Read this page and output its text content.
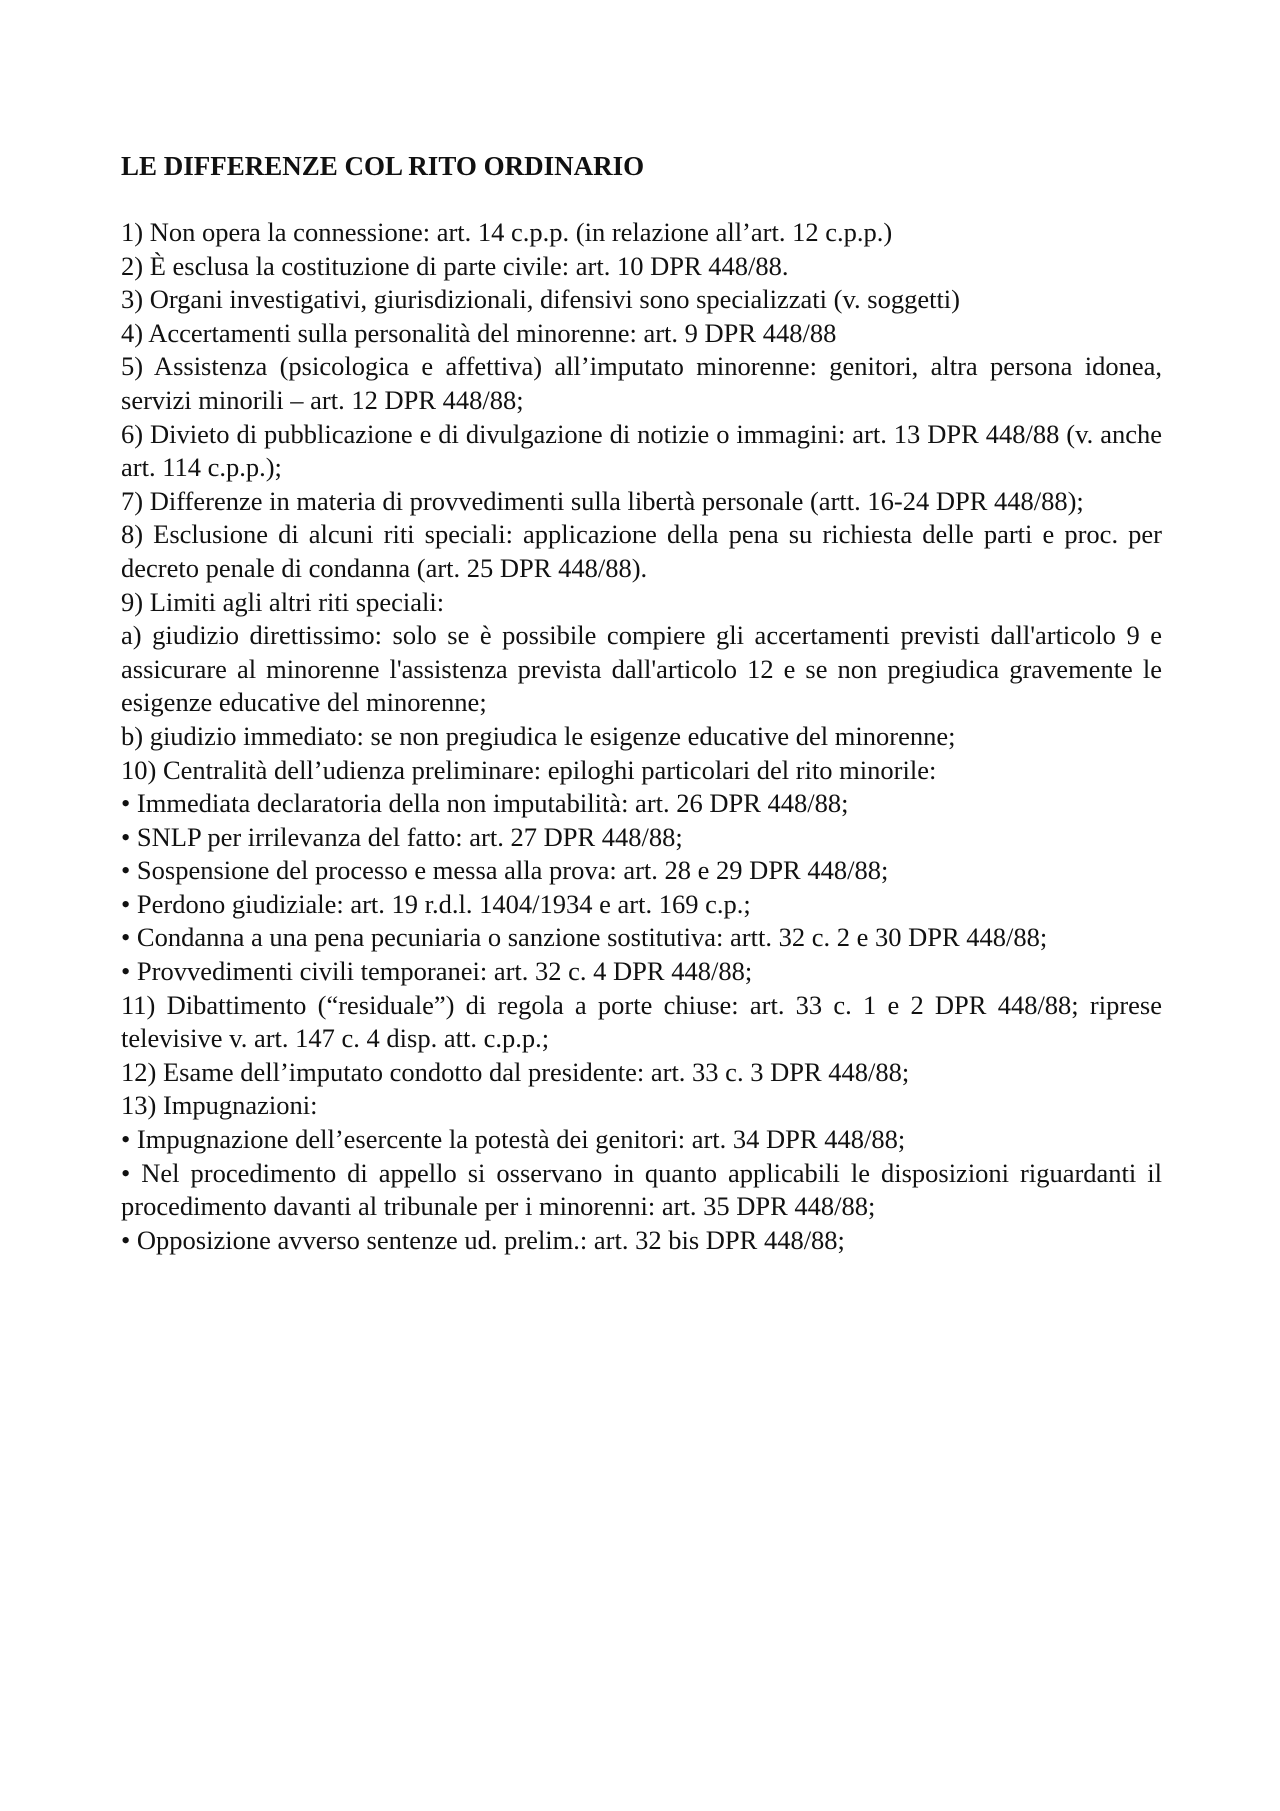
LE DIFFERENZE COL RITO ORDINARIO

1) Non opera la connessione: art. 14 c.p.p. (in relazione all’art. 12 c.p.p.)

2) È esclusa la costituzione di parte civile: art. 10 DPR 448/88.

3) Organi investigativi, giurisdizionali, difensivi sono specializzati (v. soggetti)

4) Accertamenti sulla personalità del minorenne: art. 9 DPR 448/88

5) Assistenza (psicologica e affettiva) all’imputato minorenne: genitori, altra persona idonea, servizi minorili – art. 12 DPR 448/88;

6) Divieto di pubblicazione e di divulgazione di notizie o immagini: art. 13 DPR 448/88 (v. anche art. 114 c.p.p.);

7) Differenze in materia di provvedimenti sulla libertà personale (artt. 16-24 DPR 448/88);

8) Esclusione di alcuni riti speciali: applicazione della pena su richiesta delle parti e proc. per decreto penale di condanna (art. 25 DPR 448/88).

9) Limiti agli altri riti speciali:

a) giudizio direttissimo: solo se è possibile compiere gli accertamenti previsti dall'articolo 9 e assicurare al minorenne l'assistenza prevista dall'articolo 12 e se non pregiudica gravemente le esigenze educative del minorenne;

b) giudizio immediato: se non pregiudica le esigenze educative del minorenne;

10) Centralità dell’udienza preliminare: epiloghi particolari del rito minorile:

• Immediata declaratoria della non imputabilità: art. 26 DPR 448/88;

• SNLP per irrilevanza del fatto: art. 27 DPR 448/88;

• Sospensione del processo e messa alla prova: art. 28 e 29 DPR 448/88;

• Perdono giudiziale: art. 19 r.d.l. 1404/1934 e art. 169 c.p.;

• Condanna a una pena pecuniaria o sanzione sostitutiva: artt. 32 c. 2 e 30 DPR 448/88;

• Provvedimenti civili temporanei: art. 32 c. 4 DPR 448/88;

11) Dibattimento (“residuale”) di regola a porte chiuse: art. 33 c. 1 e 2 DPR 448/88; riprese televisive v. art. 147 c. 4 disp. att. c.p.p.;

12) Esame dell’imputato condotto dal presidente: art. 33 c. 3 DPR 448/88;

13) Impugnazioni:

• Impugnazione dell’esercente la potestà dei genitori: art. 34 DPR 448/88;

• Nel procedimento di appello si osservano in quanto applicabili le disposizioni riguardanti il procedimento davanti al tribunale per i minorenni: art. 35 DPR 448/88;

• Opposizione avverso sentenze ud. prelim.: art. 32 bis DPR 448/88;
